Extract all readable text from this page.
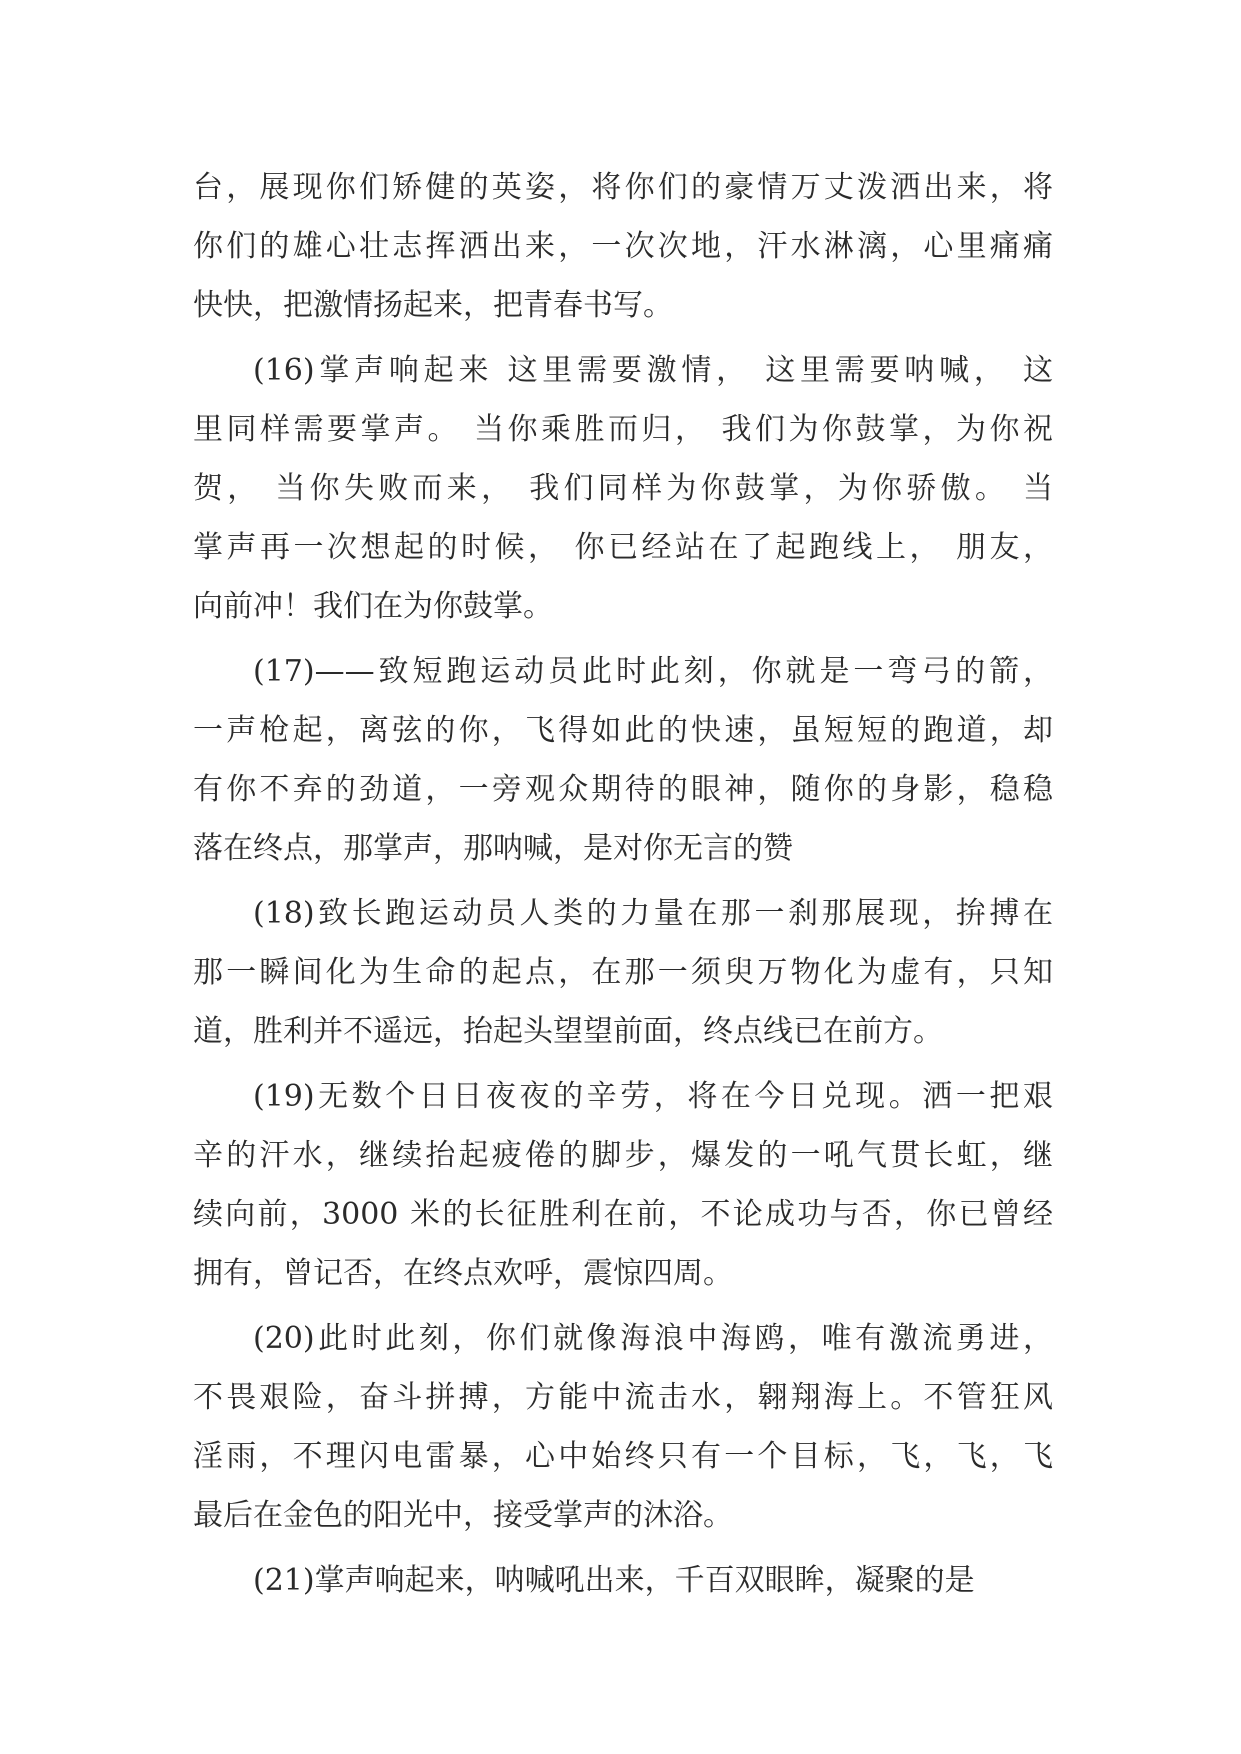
台，展现你们矫健的英姿，将你们的豪情万丈泼洒出来，将
你们的雄心壮志挥洒出来，一次次地，汗水淋漓，心里痛痛
快快，把激情扬起来，把青春书写。
(16)掌声响起来 这里需要激情， 这里需要呐喊， 这
里同样需要掌声。 当你乘胜而归， 我们为你鼓掌，为你祝
贺， 当你失败而来， 我们同样为你鼓掌，为你骄傲。 当
掌声再一次想起的时候， 你已经站在了起跑线上， 朋友，
向前冲！我们在为你鼓掌。
(17)——致短跑运动员此时此刻，你就是一弯弓的箭，
一声枪起，离弦的你，飞得如此的快速，虽短短的跑道，却
有你不弃的劲道，一旁观众期待的眼神，随你的身影，稳稳
落在终点，那掌声，那呐喊，是对你无言的赞
(18)致长跑运动员人类的力量在那一刹那展现，拚搏在
那一瞬间化为生命的起点，在那一须臾万物化为虚有，只知
道，胜利并不遥远，抬起头望望前面，终点线已在前方。
(19)无数个日日夜夜的辛劳，将在今日兑现。洒一把艰
辛的汗水，继续抬起疲倦的脚步，爆发的一吼气贯长虹，继
续向前，3000 米的长征胜利在前，不论成功与否，你已曾经
拥有，曾记否，在终点欢呼，震惊四周。
(20)此时此刻，你们就像海浪中海鸥，唯有激流勇进，
不畏艰险，奋斗拼搏，方能中流击水，翱翔海上。不管狂风
淫雨，不理闪电雷暴，心中始终只有一个目标，飞，飞，飞
最后在金色的阳光中，接受掌声的沐浴。
(21)掌声响起来，呐喊吼出来，千百双眼眸，凝聚的是
